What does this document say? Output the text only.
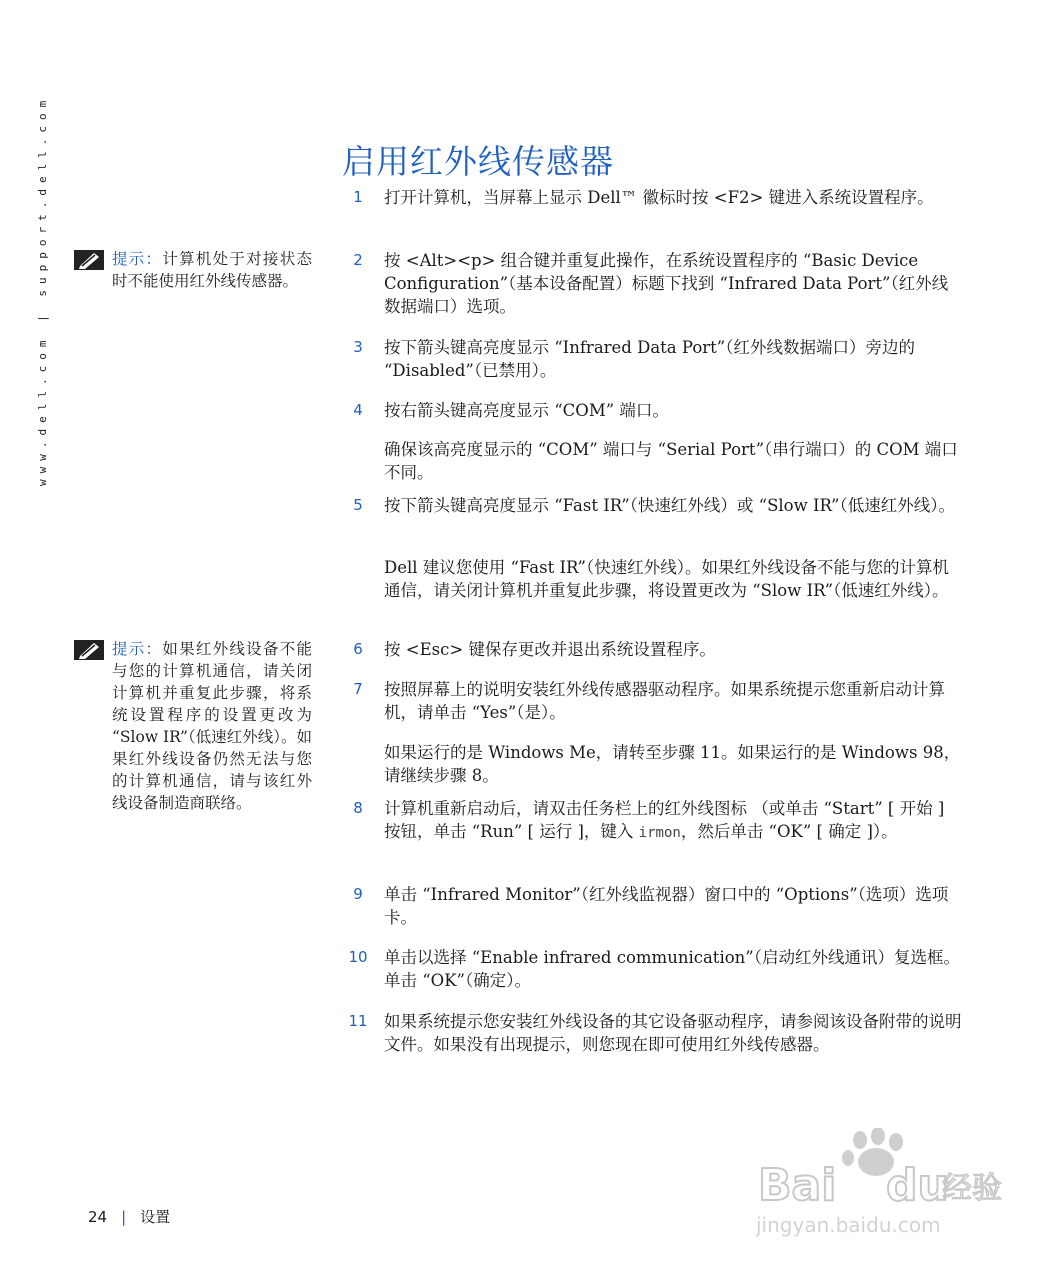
www.dell.com | support.dell.com	启用红外线传感器
提示：计算机处于对接状态时不能使用红外线传感器。
提示：如果红外线设备不能与您的计算机通信，请关闭计算机并重复此步骤，将系统设置程序的设置更改为 “Slow IR”（低速红外线）。如果红外线设备仍然无法与您的计算机通信，请与该红外线设备制造商联络。
1	打开计算机，当屏幕上显示 Dell™ 徽标时按 <F2> 键进入系统设置程序。
2	按 <Alt><p> 组合键并重复此操作，在系统设置程序的 “Basic Device Configuration”（基本设备配置）标题下找到 “Infrared Data Port”（红外线数据端口）选项。
3	按下箭头键高亮度显示 “Infrared Data Port”（红外线数据端口）旁边的 “Disabled”（已禁用）。
4	按右箭头键高亮度显示 “COM” 端口。
确保该高亮度显示的 “COM” 端口与 “Serial Port”（串行端口）的 COM 端口不同。
5	按下箭头键高亮度显示 “Fast IR”（快速红外线）或 “Slow IR”（低速红外线）。
Dell 建议您使用 “Fast IR”（快速红外线）。如果红外线设备不能与您的计算机通信，请关闭计算机并重复此步骤，将设置更改为 “Slow IR”（低速红外线）。
6	按 <Esc> 键保存更改并退出系统设置程序。
7	按照屏幕上的说明安装红外线传感器驱动程序。如果系统提示您重新启动计算机，请单击 “Yes”（是）。
如果运行的是 Windows Me，请转至步骤 11。如果运行的是 Windows 98，请继续步骤 8。
8	计算机重新启动后，请双击任务栏上的红外线图标 （或单击 “Start” [ 开始 ] 按钮，单击 “Run” [ 运行 ]，键入 irmon，然后单击 “OK” [ 确定 ]）。
9	单击 “Infrared Monitor”（红外线监视器）窗口中的 “Options”（选项）选项卡。
10 单击以选择 “Enable infrared communication”（启动红外线通讯）复选框。单击 “OK”（确定）。
11 如果系统提示您安装红外线设备的其它设备驱动程序，请参阅该设备附带的说明文件。如果没有出现提示，则您现在即可使用红外线传感器。
24 | 设置
Bai du
经验
jingyan.baidu.com
